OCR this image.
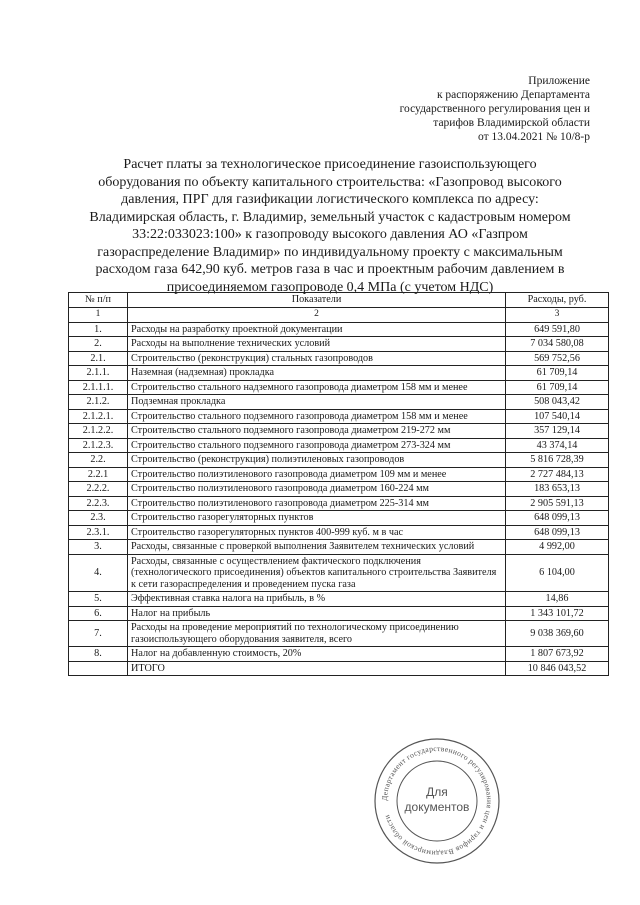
Приложение
к распоряжению Департамента
государственного регулирования цен и
тарифов Владимирской области
от 13.04.2021 № 10/8-р
Расчет платы за технологическое присоединение газоиспользующего
оборудования по объекту капитального строительства: «Газопровод высокого
давления, ПРГ для газификации логистического комплекса по адресу:
Владимирская область, г. Владимир, земельный участок с кадастровым номером
33:22:033023:100» к газопроводу высокого давления АО «Газпром
газораспределение Владимир» по индивидуальному проекту с максимальным
расходом газа 642,90 куб. метров газа в час и проектным рабочим давлением в
присоединяемом газопроводе 0,4 МПа (с учетом НДС)
№ п/п	Показатели	Расходы, руб.
1	2	3
1.	Расходы на разработку проектной документации	649 591,80
2.	Расходы на выполнение технических условий	7 034 580,08
2.1.	Строительство (реконструкция) стальных газопроводов	569 752,56
2.1.1.	Наземная (надземная) прокладка	61 709,14
2.1.1.1.	Строительство стального надземного газопровода диаметром 158 мм и менее	61 709,14
2.1.2.	Подземная прокладка	508 043,42
2.1.2.1.	Строительство стального подземного газопровода диаметром 158 мм и менее	107 540,14
2.1.2.2.	Строительство стального подземного газопровода диаметром 219-272 мм	357 129,14
2.1.2.3.	Строительство стального подземного газопровода диаметром 273-324 мм	43 374,14
2.2.	Строительство (реконструкция) полиэтиленовых газопроводов	5 816 728,39
2.2.1	Строительство полиэтиленового газопровода диаметром 109 мм и менее	2 727 484,13
2.2.2.	Строительство полиэтиленового газопровода диаметром 160-224 мм	183 653,13
2.2.3.	Строительство полиэтиленового газопровода диаметром 225-314 мм	2 905 591,13
2.3.	Строительство газорегуляторных пунктов	648 099,13
2.3.1.	Строительство газорегуляторных пунктов 400-999 куб. м в час	648 099,13
3.	Расходы, связанные с проверкой выполнения Заявителем технических условий	4 992,00
4.	Расходы, связанные с осуществлением фактического подключения (технологического присоединения) объектов капитального строительства Заявителя к сети газораспределения и проведением пуска газа	6 104,00
5.	Эффективная ставка налога на прибыль, в %	14,86
6.	Налог на прибыль	1 343 101,72
7.	Расходы на проведение мероприятий по технологическому присоединению газоиспользующего оборудования заявителя, всего	9 038 369,60
8.	Налог на добавленную стоимость, 20%	1 807 673,92
	ИТОГО	10 846 043,52
Департамент государственного регулирования цен и тарифов Владимирской области
Для
документов
